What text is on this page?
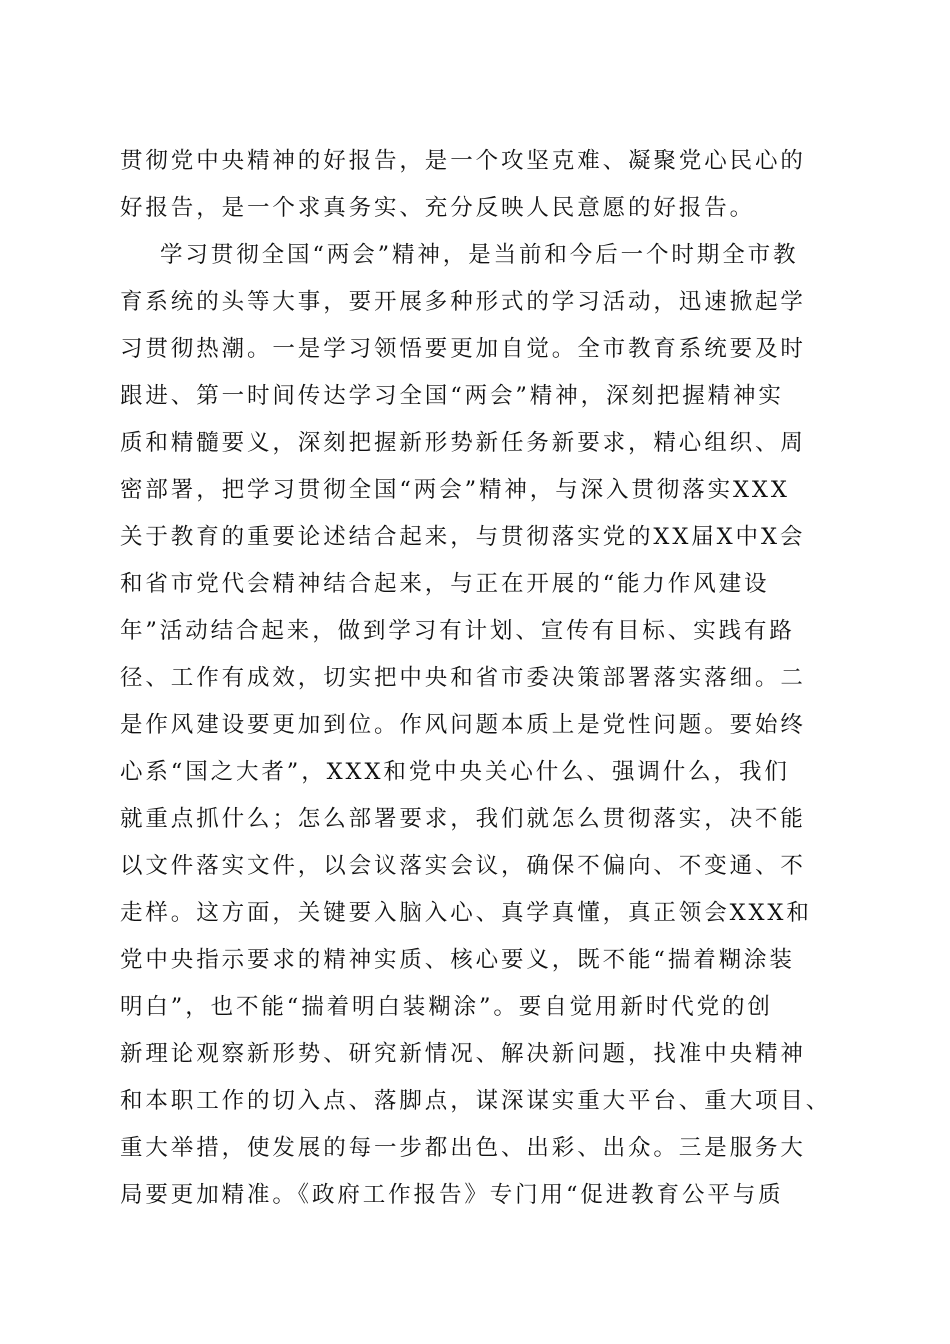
贯彻党中央精神的好报告，是一个攻坚克难、凝聚党心民心的
好报告，是一个求真务实、充分反映人民意愿的好报告。
学习贯彻全国“两会”精神，是当前和今后一个时期全市教
育系统的头等大事，要开展多种形式的学习活动，迅速掀起学
习贯彻热潮。一是学习领悟要更加自觉。全市教育系统要及时
跟进、第一时间传达学习全国“两会”精神，深刻把握精神实
质和精髓要义，深刻把握新形势新任务新要求，精心组织、周
密部署，把学习贯彻全国“两会”精神，与深入贯彻落实XXX
关于教育的重要论述结合起来，与贯彻落实党的XX届X中X会
和省市党代会精神结合起来，与正在开展的“能力作风建设
年”活动结合起来，做到学习有计划、宣传有目标、实践有路
径、工作有成效，切实把中央和省市委决策部署落实落细。二
是作风建设要更加到位。作风问题本质上是党性问题。要始终
心系“国之大者”，XXX和党中央关心什么、强调什么，我们
就重点抓什么；怎么部署要求，我们就怎么贯彻落实，决不能
以文件落实文件，以会议落实会议，确保不偏向、不变通、不
走样。这方面，关键要入脑入心、真学真懂，真正领会XXX和
党中央指示要求的精神实质、核心要义，既不能“揣着糊涂装
明白”，也不能“揣着明白装糊涂”。要自觉用新时代党的创
新理论观察新形势、研究新情况、解决新问题，找准中央精神
和本职工作的切入点、落脚点，谋深谋实重大平台、重大项目、
重大举措，使发展的每一步都出色、出彩、出众。三是服务大
局要更加精准。《政府工作报告》专门用“促进教育公平与质
